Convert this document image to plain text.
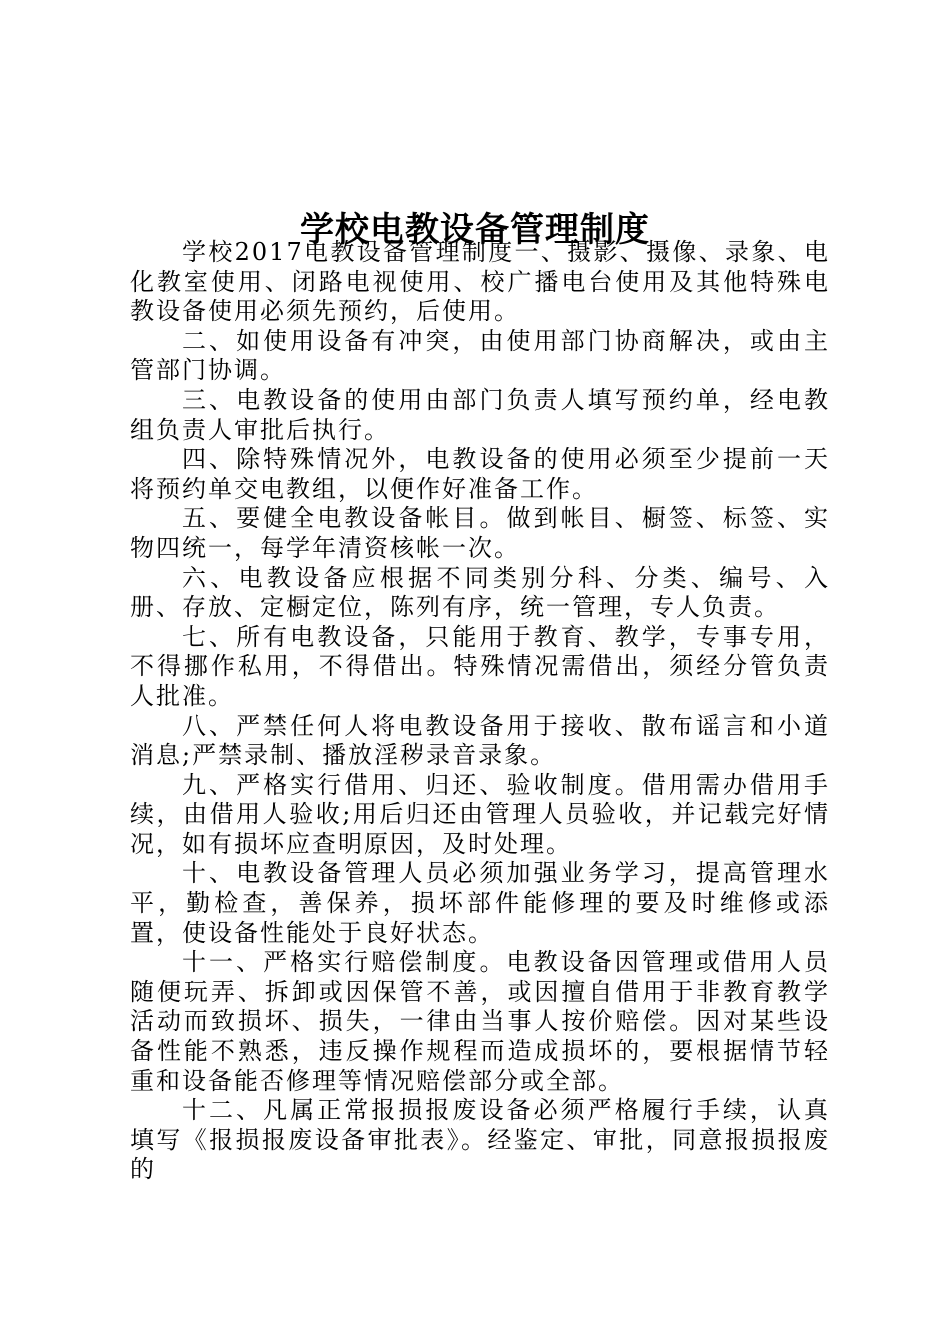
学校电教设备管理制度

学校2017电教设备管理制度一、摄影、摄像、录象、电化教室使用、闭路电视使用、校广播电台使用及其他特殊电教设备使用必须先预约，后使用。

二、如使用设备有冲突，由使用部门协商解决，或由主管部门协调。

三、电教设备的使用由部门负责人填写预约单，经电教组负责人审批后执行。

四、除特殊情况外，电教设备的使用必须至少提前一天将预约单交电教组，以便作好准备工作。

五、要健全电教设备帐目。做到帐目、橱签、标签、实物四统一，每学年清资核帐一次。

六、电教设备应根据不同类别分科、分类、编号、入册、存放、定橱定位，陈列有序，统一管理，专人负责。

七、所有电教设备，只能用于教育、教学，专事专用，不得挪作私用，不得借出。特殊情况需借出，须经分管负责人批准。

八、严禁任何人将电教设备用于接收、散布谣言和小道消息;严禁录制、播放淫秽录音录象。

九、严格实行借用、归还、验收制度。借用需办借用手续，由借用人验收;用后归还由管理人员验收，并记载完好情况，如有损坏应查明原因，及时处理。

十、电教设备管理人员必须加强业务学习，提高管理水平，勤检查，善保养，损坏部件能修理的要及时维修或添置，使设备性能处于良好状态。

十一、严格实行赔偿制度。电教设备因管理或借用人员随便玩弄、拆卸或因保管不善，或因擅自借用于非教育教学活动而致损坏、损失，一律由当事人按价赔偿。因对某些设备性能不熟悉，违反操作规程而造成损坏的，要根据情节轻重和设备能否修理等情况赔偿部分或全部。

十二、凡属正常报损报废设备必须严格履行手续，认真填写《报损报废设备审批表》。经鉴定、审批，同意报损报废的
